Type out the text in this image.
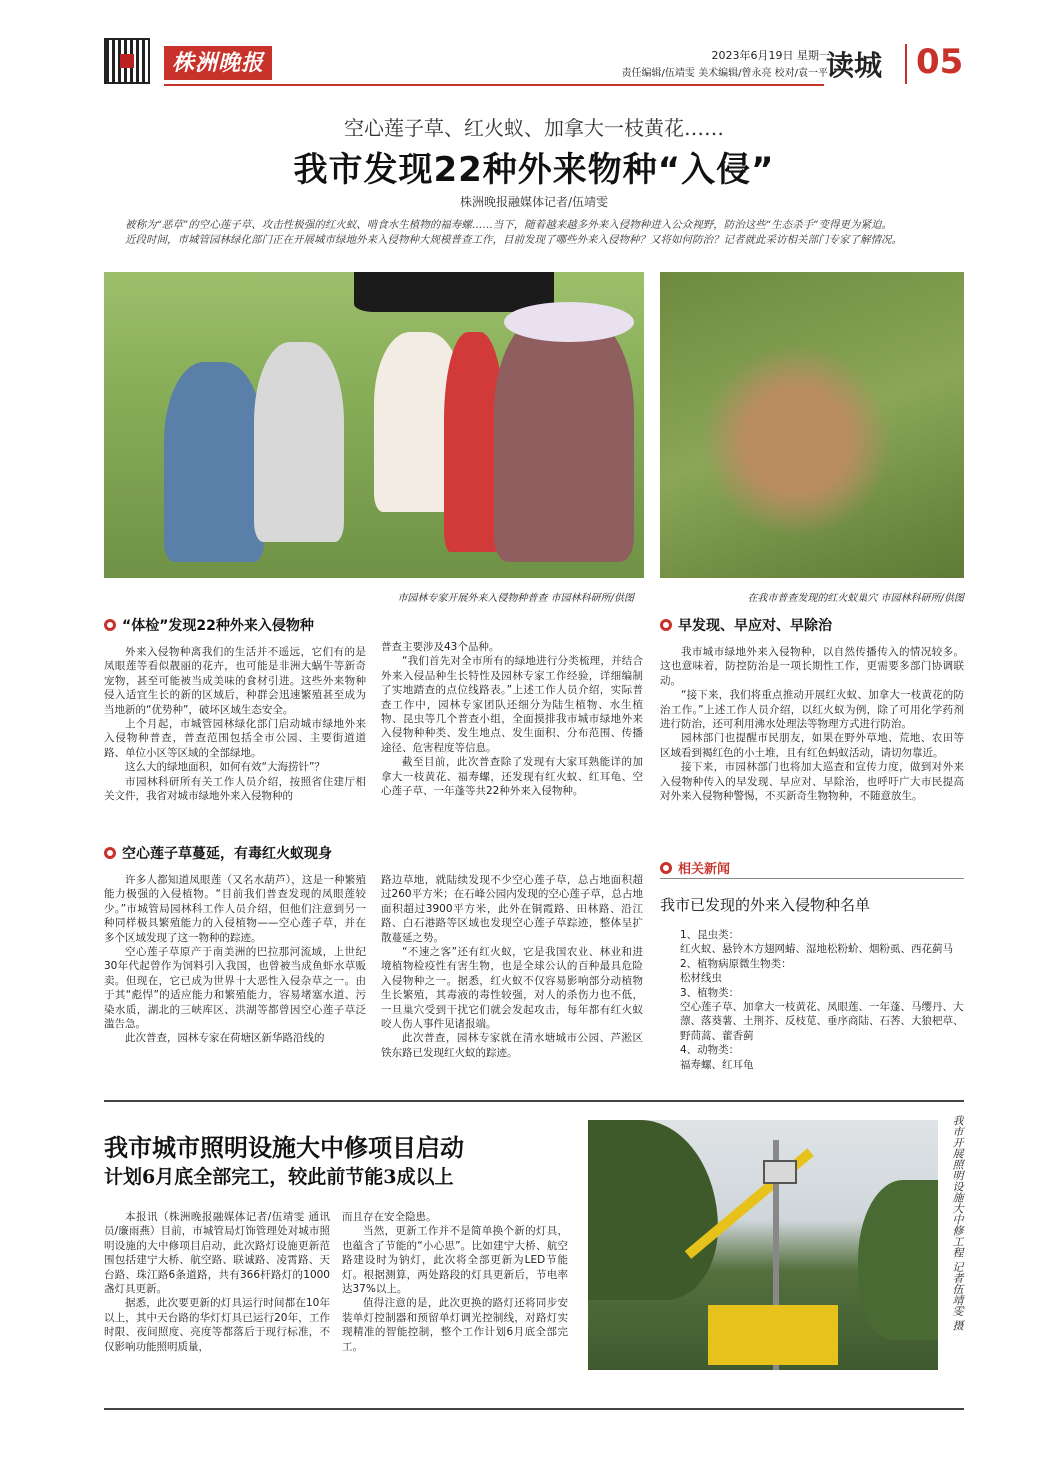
株洲晚报	2023年6月19日 星期一
责任编辑/伍靖雯 美术编辑/曾永亮 校对/袁一平
读城 05
空心莲子草、红火蚁、加拿大一枝黄花……
我市发现22种外来物种“入侵”
株洲晚报融媒体记者/伍靖雯
被称为“恶草”的空心莲子草、攻击性极强的红火蚁、啃食水生植物的福寿螺……当下，随着越来越多外来入侵物种进入公众视野，防治这些“生态杀手”变得更为紧迫。
近段时间，市城管园林绿化部门正在开展城市绿地外来入侵物种大规模普查工作，目前发现了哪些外来入侵物种？又将如何防治？记者就此采访相关部门专家了解情况。
市园林专家开展外来入侵物种普查 市园林科研所/供图	在我市普查发现的红火蚁巢穴 市园林科研所/供图
“体检”发现22种外来入侵物种

外来入侵物种离我们的生活并不遥远，它们有的是凤眼莲等看似靓丽的花卉，也可能是非洲大蜗牛等新奇宠物，甚至可能被当成美味的食材引进。这些外来物种侵入适宜生长的新的区域后，种群会迅速繁殖甚至成为当地新的“优势种”，破坏区域生态安全。

上个月起，市城管园林绿化部门启动城市绿地外来入侵物种普查，普查范围包括全市公园、主要街道道路、单位小区等区域的全部绿地。

这么大的绿地面积，如何有效“大海捞针”？

市园林科研所有关工作人员介绍，按照省住建厅相关文件，我省对城市绿地外来入侵物种的

普查主要涉及43个品种。

“我们首先对全市所有的绿地进行分类梳理，并结合外来入侵品种生长特性及园林专家工作经验，详细编制了实地踏查的点位线路表。”上述工作人员介绍，实际普查工作中，园林专家团队还细分为陆生植物、水生植物、昆虫等几个普查小组，全面摸排我市城市绿地外来入侵物种种类、发生地点、发生面积、分布范围、传播途径、危害程度等信息。

截至目前，此次普查除了发现有大家耳熟能详的加拿大一枝黄花、福寿螺，还发现有红火蚁、红耳龟、空心莲子草、一年蓬等共22种外来入侵物种。

空心莲子草蔓延，有毒红火蚁现身

许多人都知道凤眼莲（又名水葫芦），这是一种繁殖能力极强的入侵植物。“目前我们普查发现的凤眼莲较少。”市城管局园林科工作人员介绍，但他们注意到另一种同样极具繁殖能力的入侵植物——空心莲子草，并在多个区域发现了这一物种的踪迹。

空心莲子草原产于南美洲的巴拉那河流域，上世纪30年代起曾作为饲料引入我国，也曾被当成鱼虾水草贩卖。但现在，它已成为世界十大恶性入侵杂草之一。由于其“彪悍”的适应能力和繁殖能力，容易堵塞水道、污染水质，湖北的三峡库区、洪湖等都曾因空心莲子草泛滥告急。

此次普查，园林专家在荷塘区新华路沿线的

路边草地，就陆续发现不少空心莲子草，总占地面积超过260平方米；在石峰公园内发现的空心莲子草，总占地面积超过3900平方米，此外在铜霞路、田林路、沿江路、白石港路等区域也发现空心莲子草踪迹，整体呈扩散蔓延之势。

“不速之客”还有红火蚁，它是我国农业、林业和进境植物检疫性有害生物，也是全球公认的百种最具危险入侵物种之一。据悉，红火蚁不仅容易影响部分动植物生长繁殖，其毒液的毒性较强，对人的杀伤力也不低，一旦巢穴受到干扰它们就会发起攻击，每年都有红火蚁咬人伤人事件见诸报端。

此次普查，园林专家就在清水塘城市公园、芦淞区铁东路已发现红火蚁的踪迹。

早发现、早应对、早除治

我市城市绿地外来入侵物种，以自然传播传入的情况较多。这也意味着，防控防治是一项长期性工作，更需要多部门协调联动。

“接下来，我们将重点推动开展红火蚁、加拿大一枝黄花的防治工作。”上述工作人员介绍，以红火蚁为例，除了可用化学药剂进行防治，还可利用沸水处理法等物理方式进行防治。

园林部门也提醒市民朋友，如果在野外草地、荒地、农田等区域看到褐红色的小土堆，且有红色蚂蚁活动，请切勿靠近。

接下来，市园林部门也将加大巡查和宣传力度，做到对外来入侵物种传入的早发现、早应对、早除治，也呼吁广大市民提高对外来入侵物种警惕，不买新奇生物物种，不随意放生。

相关新闻
我市已发现的外来入侵物种名单
1、昆虫类：
红火蚁、悬铃木方翅网蝽、湿地松粉蚧、烟粉虱、西花蓟马
2、植物病原微生物类：
松材线虫
3、植物类：
空心莲子草、加拿大一枝黄花、凤眼莲、一年蓬、马缨丹、大薸、落葵薯、土荆芥、反枝苋、垂序商陆、石莕、大狼杷草、野茼蒿、藿香蓟
4、动物类：
福寿螺、红耳龟
我市城市照明设施大中修项目启动
计划6月底全部完工，较此前节能3成以上

本报讯（株洲晚报融媒体记者/伍靖雯 通讯员/廉雨燕）目前，市城管局灯饰管理处对城市照明设施的大中修项目启动，此次路灯设施更新范围包括建宁大桥、航空路、联诚路、凌霄路、天台路、珠江路6条道路，共有366杆路灯的1000盏灯具更新。

据悉，此次要更新的灯具运行时间都在10年以上，其中天台路的华灯灯具已运行20年，工作时限、夜间照度、亮度等都落后于现行标准，不仅影响功能照明质量，

而且存在安全隐患。

当然，更新工作并不是简单换个新的灯具，也蕴含了节能的“小心思”。比如建宁大桥、航空路建设时为钠灯，此次将全部更新为LED节能灯。根据测算，两处路段的灯具更新后，节电率达37%以上。

值得注意的是，此次更换的路灯还将同步安装单灯控制器和预留单灯调光控制线，对路灯实现精准的智能控制，整个工作计划6月底全部完工。

我市开展照明设施大中修工程 记者伍靖雯 摄
